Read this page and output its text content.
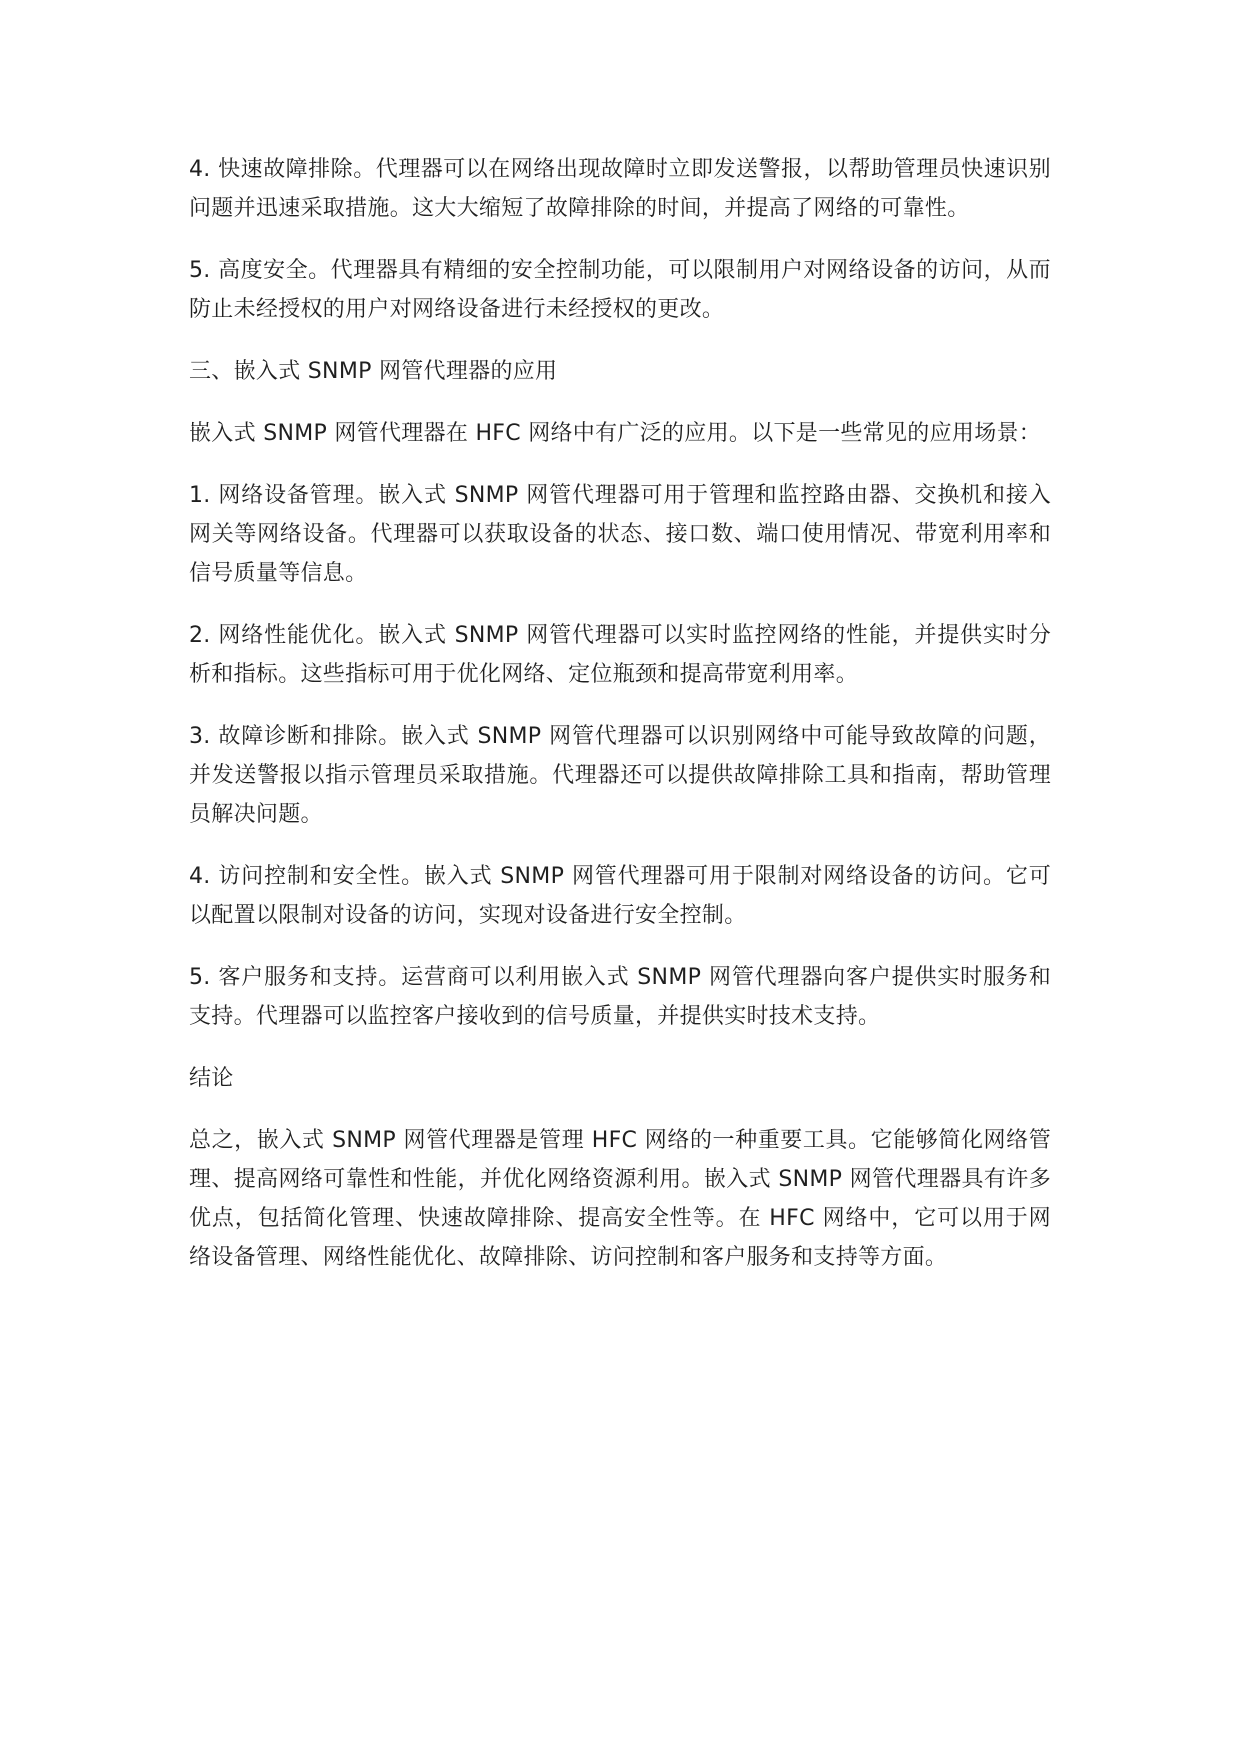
4. 快速故障排除。代理器可以在网络出现故障时立即发送警报，以帮助管理员快速识别问题并迅速采取措施。这大大缩短了故障排除的时间，并提高了网络的可靠性。

5. 高度安全。代理器具有精细的安全控制功能，可以限制用户对网络设备的访问，从而防止未经授权的用户对网络设备进行未经授权的更改。

三、嵌入式 SNMP 网管代理器的应用

嵌入式 SNMP 网管代理器在 HFC 网络中有广泛的应用。以下是一些常见的应用场景：

1. 网络设备管理。嵌入式 SNMP 网管代理器可用于管理和监控路由器、交换机和接入网关等网络设备。代理器可以获取设备的状态、接口数、端口使用情况、带宽利用率和信号质量等信息。

2. 网络性能优化。嵌入式 SNMP 网管代理器可以实时监控网络的性能，并提供实时分析和指标。这些指标可用于优化网络、定位瓶颈和提高带宽利用率。

3. 故障诊断和排除。嵌入式 SNMP 网管代理器可以识别网络中可能导致故障的问题，并发送警报以指示管理员采取措施。代理器还可以提供故障排除工具和指南，帮助管理员解决问题。

4. 访问控制和安全性。嵌入式 SNMP 网管代理器可用于限制对网络设备的访问。它可以配置以限制对设备的访问，实现对设备进行安全控制。

5. 客户服务和支持。运营商可以利用嵌入式 SNMP 网管代理器向客户提供实时服务和支持。代理器可以监控客户接收到的信号质量，并提供实时技术支持。

结论

总之，嵌入式 SNMP 网管代理器是管理 HFC 网络的一种重要工具。它能够简化网络管理、提高网络可靠性和性能，并优化网络资源利用。嵌入式 SNMP 网管代理器具有许多优点，包括简化管理、快速故障排除、提高安全性等。在 HFC 网络中，它可以用于网络设备管理、网络性能优化、故障排除、访问控制和客户服务和支持等方面。
